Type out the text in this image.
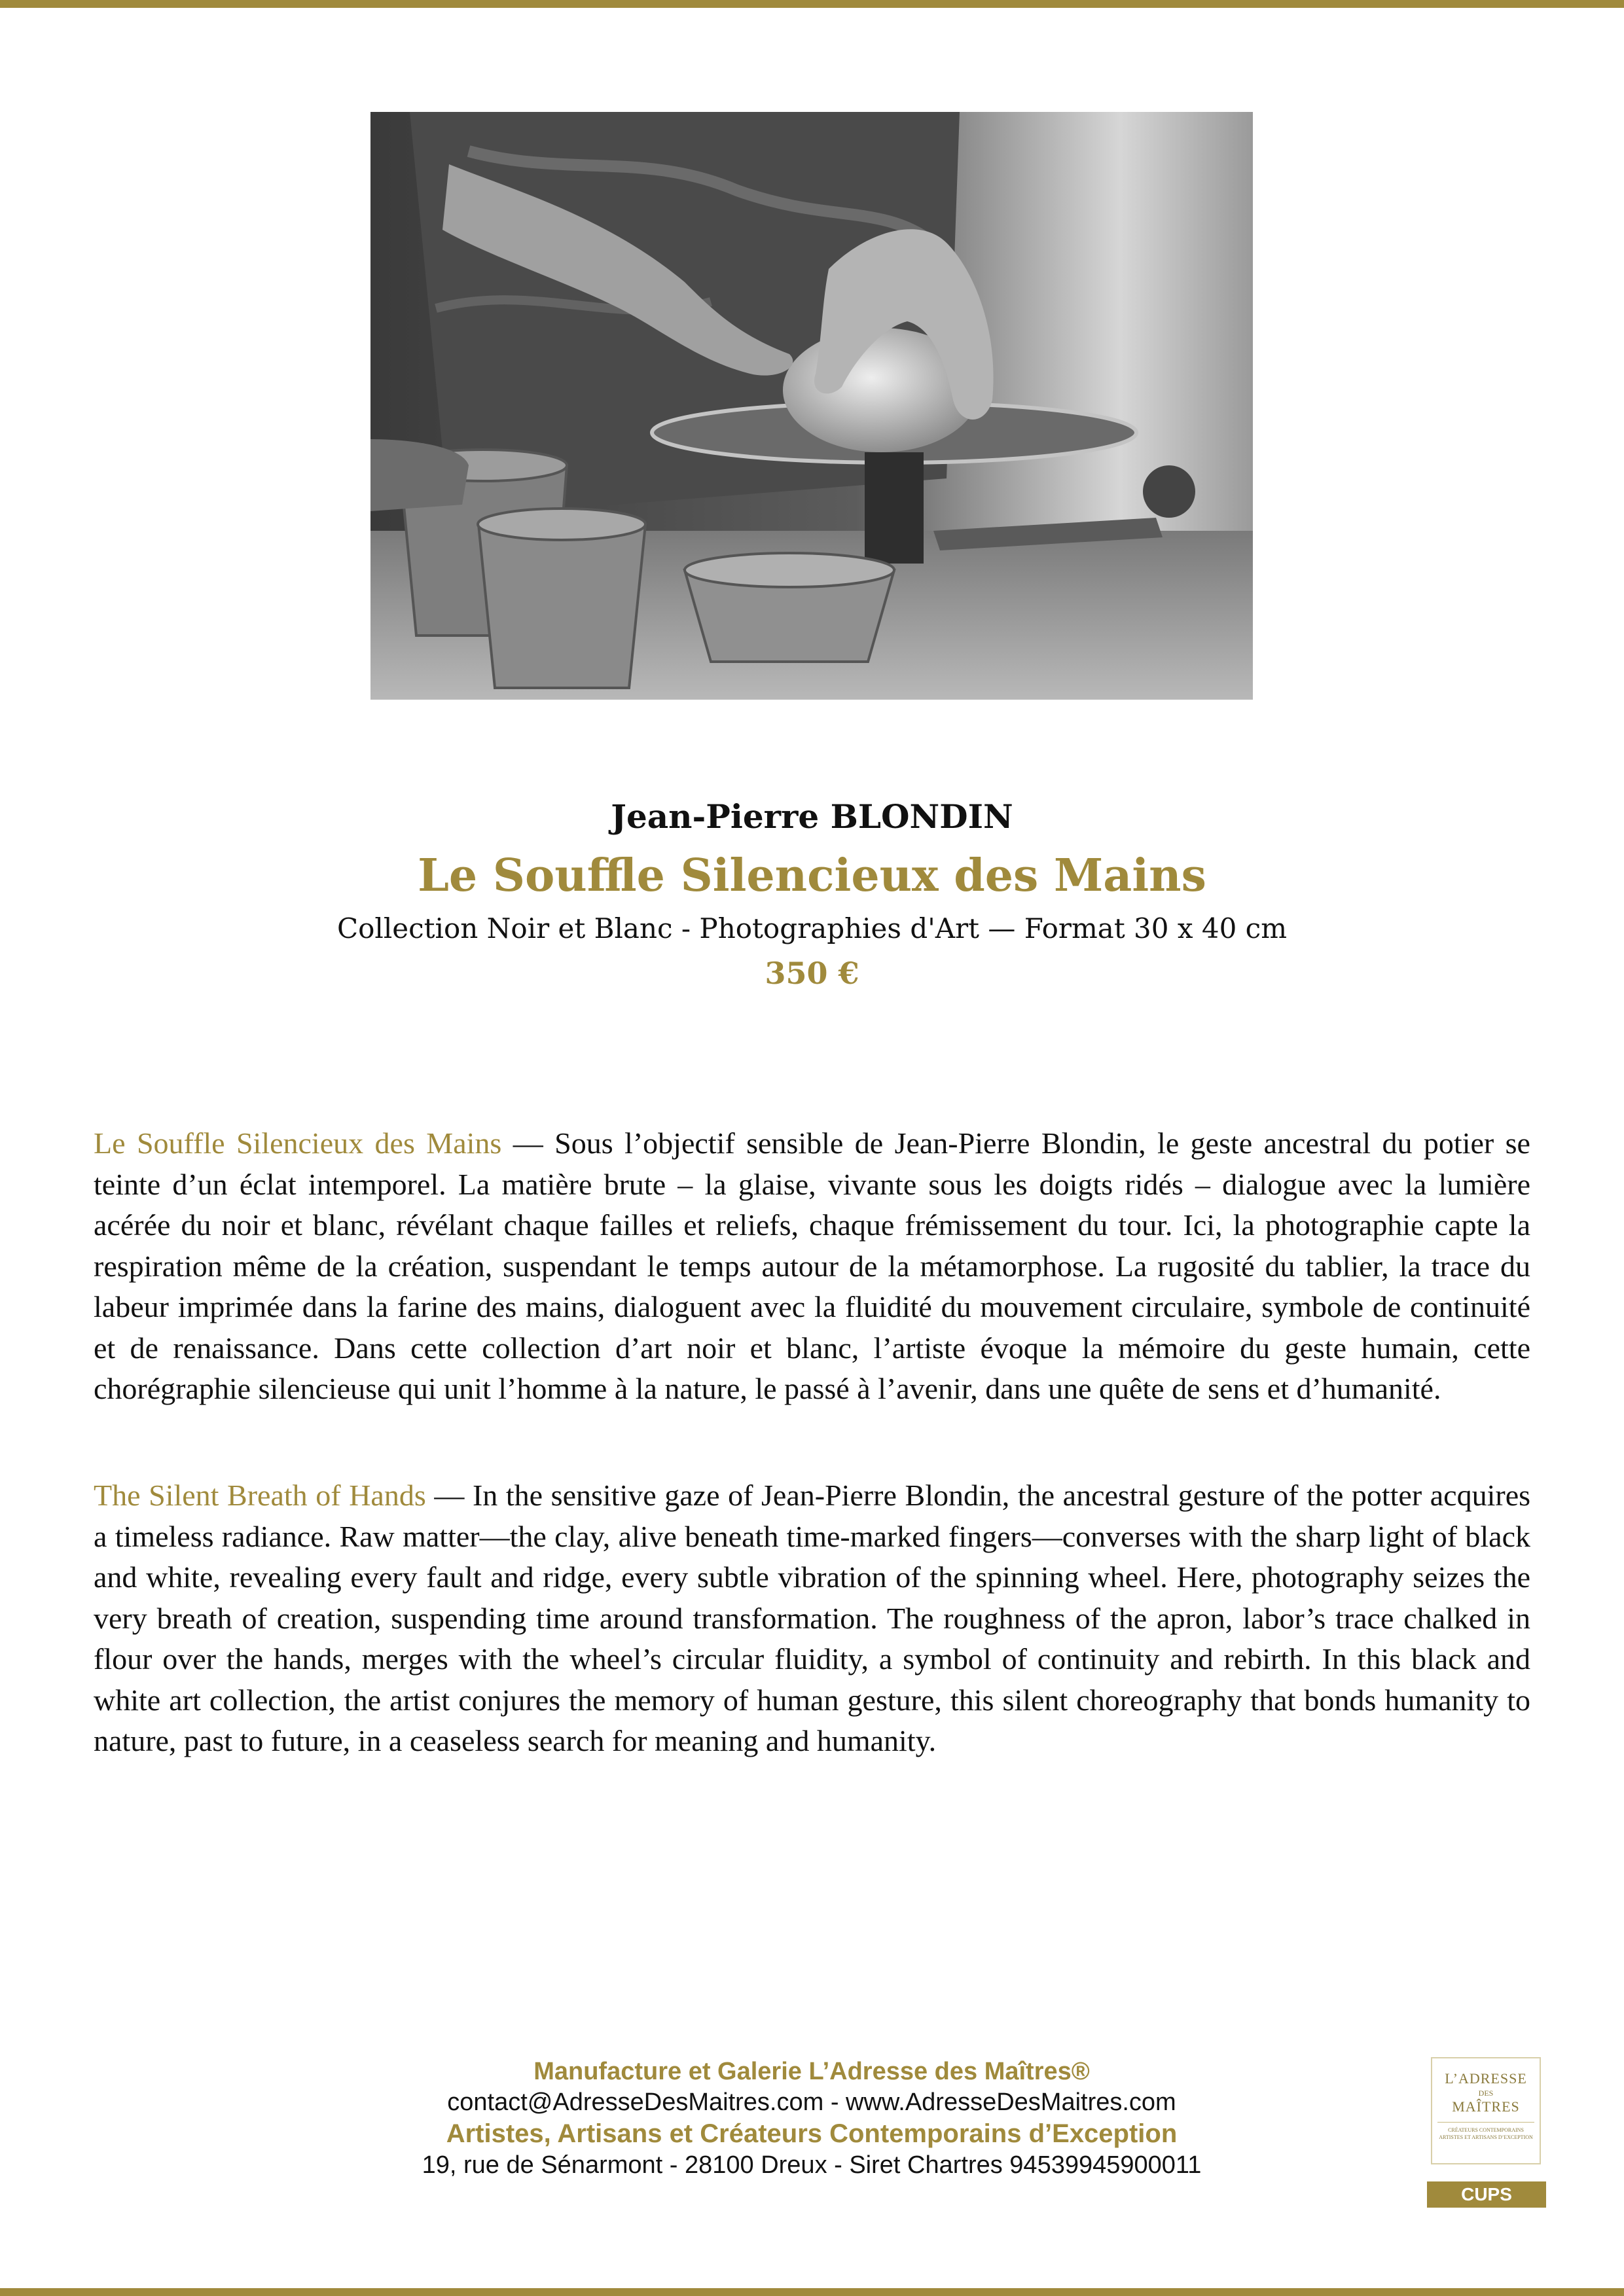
Jean-Pierre BLONDIN
Le Souffle Silencieux des Mains
Collection Noir et Blanc - Photographies d'Art — Format 30 x 40 cm
350 €

Le Souffle Silencieux des Mains — Sous l’objectif sensible de Jean-Pierre Blondin, le geste ancestral du potier se teinte d’un éclat intemporel. La matière brute – la glaise, vivante sous les doigts ridés – dialogue avec la lumière acérée du noir et blanc, révélant chaque failles et reliefs, chaque frémissement du tour. Ici, la photographie capte la respiration même de la création, suspendant le temps autour de la métamorphose. La rugosité du tablier, la trace du labeur imprimée dans la farine des mains, dialoguent avec la fluidité du mouvement circulaire, symbole de continuité et de renaissance. Dans cette collection d’art noir et blanc, l’artiste évoque la mémoire du geste humain, cette chorégraphie silencieuse qui unit l’homme à la nature, le passé à l’avenir, dans une quête de sens et d’humanité.

The Silent Breath of Hands — In the sensitive gaze of Jean-Pierre Blondin, the ancestral gesture of the potter acquires a timeless radiance. Raw matter—the clay, alive beneath time-marked fingers—converses with the sharp light of black and white, revealing every fault and ridge, every subtle vibration of the spinning wheel. Here, photography seizes the very breath of creation, suspending time around transformation. The roughness of the apron, labor’s trace chalked in flour over the hands, merges with the wheel’s circular fluidity, a symbol of continuity and rebirth. In this black and white art collection, the artist conjures the memory of human gesture, this silent choreography that bonds humanity to nature, past to future, in a ceaseless search for meaning and humanity.

Manufacture et Galerie L’Adresse des Maîtres®
contact@AdresseDesMaitres.com - www.AdresseDesMaitres.com
Artistes, Artisans et Créateurs Contemporains d’Exception
19, rue de Sénarmont - 28100 Dreux - Siret Chartres 94539945900011
L’ADRESSE
DES
MAÎTRES
CRÉATEURS CONTEMPORAINS ARTISTES ET ARTISANS D’EXCEPTION
CUPS
